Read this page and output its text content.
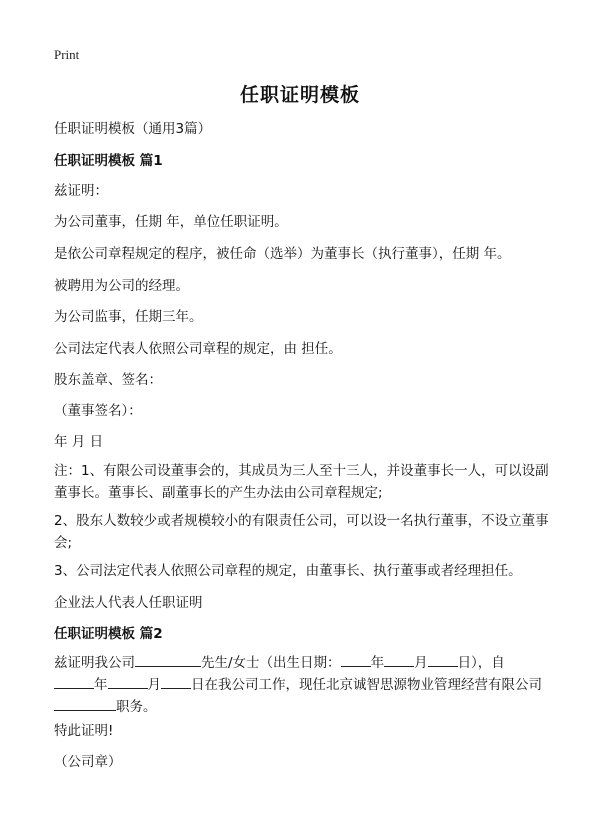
Print
任职证明模板
任职证明模板（通用3篇）
任职证明模板 篇1
兹证明：
为公司董事，任期 年，单位任职证明。
是依公司章程规定的程序，被任命（选举）为董事长（执行董事），任期 年。
被聘用为公司的经理。
为公司监事，任期三年。
公司法定代表人依照公司章程的规定，由 担任。
股东盖章、签名：
（董事签名）：
年 月 日
注：1、有限公司设董事会的，其成员为三人至十三人，并设董事长一人，可以设副董事长。董事长、副董事长的产生办法由公司章程规定;
2、股东人数较少或者规模较小的有限责任公司，可以设一名执行董事，不设立董事会;
3、公司法定代表人依照公司章程的规定，由董事长、执行董事或者经理担任。
企业法人代表人任职证明
任职证明模板 篇2
兹证明我公司	先生/女士（出生日期： 年 月 日），自
年	月 日在我公司工作，现任北京诚智思源物业管理经营有限公司
职务。
特此证明!
（公司章）
